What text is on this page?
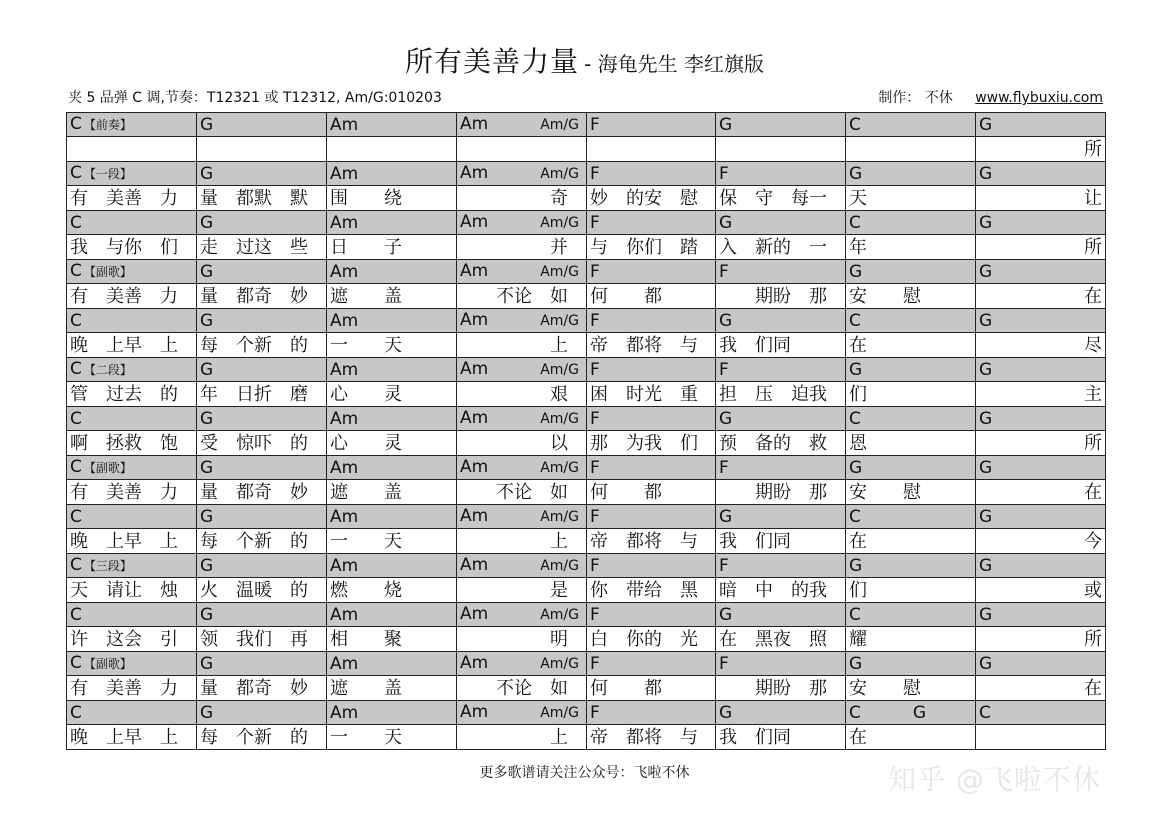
所有美善力量 - 海龟先生 李红旗版
夹 5 品弹 C 调,节奏：T12321 或 T12312, Am/G:010203	制作： 不休 www.flybuxiu.com
C 【前奏】	G	Am	Am Am/G	F	G	C	G

							所

C 【一段】	G	Am	Am Am/G	F	F	G	G
有　美善　力	量　都默　默	围　　绕	　　　　　奇	妙　的安　慰	保　守　每一	天	让

C	G	Am	Am Am/G	F	G	C	G
我　与你　们	走　过这　些	日　　子	　　　　　并	与　你们　踏	入　新的　一	年	所

C 【副歌】	G	Am	Am Am/G	F	F	G	G
有　美善　力	量　都奇　妙	遮　　盖	　　不论　如	何　　都	　　期盼　那	安　　慰	在

C	G	Am	Am Am/G	F	G	C	G
晚　上早　上	每　个新　的	一　　天	　　　　　上	帝　都将　与	我　们同	在	尽

C 【二段】	G	Am	Am Am/G	F	F	G	G
管　过去　的	年　日折　磨	心　　灵	　　　　　艰	困　时光　重	担　压　迫我	们	主

C	G	Am	Am Am/G	F	G	C	G
啊　拯救　饱	受　惊吓　的	心　　灵	　　　　　以	那　为我　们	预　备的　救	恩	所

C 【副歌】	G	Am	Am Am/G	F	F	G	G
有　美善　力	量　都奇　妙	遮　　盖	　　不论　如	何　　都	　　期盼　那	安　　慰	在

C	G	Am	Am Am/G	F	G	C	G
晚　上早　上	每　个新　的	一　　天	　　　　　上	帝　都将　与	我　们同	在	今

C 【三段】	G	Am	Am Am/G	F	F	G	G
天　请让　烛	火　温暖　的	燃　　烧	　　　　　是	你　带给　黑	暗　中　的我	们	或

C	G	Am	Am Am/G	F	G	C	G
许　这会　引	领　我们　再	相　　聚	　　　　　明	白　你的　光	在　黑夜　照	耀	所

C 【副歌】	G	Am	Am Am/G	F	F	G	G
有　美善　力	量　都奇　妙	遮　　盖	　　不论　如	何　　都	　　期盼　那	安　　慰	在

C	G	Am	Am Am/G	F	G	C G	C
晚　上早　上	每　个新　的	一　　天	　　　　　上	帝　都将　与	我　们同	在	
更多歌谱请关注公众号：飞啦不休	知乎 @飞啦不休
